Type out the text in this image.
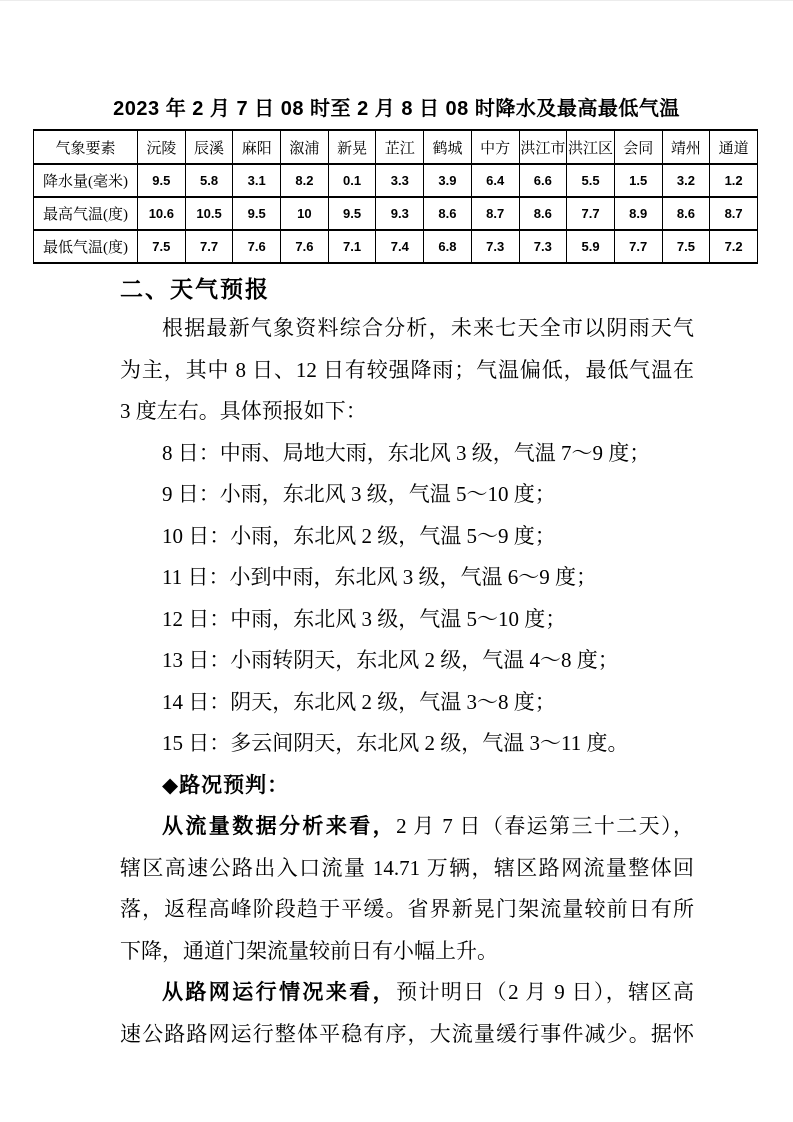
2023 年 2 月 7 日 08 时至 2 月 8 日 08 时降水及最高最低气温
气象要素	沅陵	辰溪	麻阳	溆浦	新晃	芷江	鹤城	中方	洪江市	洪江区	会同	靖州	通道
降水量(毫米)	9.5	5.8	3.1	8.2	0.1	3.3	3.9	6.4	6.6	5.5	1.5	3.2	1.2
最高气温(度)	10.6	10.5	9.5	10	9.5	9.3	8.6	8.7	8.6	7.7	8.9	8.6	8.7
最低气温(度)	7.5	7.7	7.6	7.6	7.1	7.4	6.8	7.3	7.3	5.9	7.7	7.5	7.2
二、天气预报
根据最新气象资料综合分析，未来七天全市以阴雨天气
为主，其中 8 日、12 日有较强降雨；气温偏低，最低气温在
3 度左右。具体预报如下：
8 日：中雨、局地大雨，东北风 3 级，气温 7～9 度；
9 日：小雨，东北风 3 级，气温 5～10 度；
10 日：小雨，东北风 2 级，气温 5～9 度；
11 日：小到中雨，东北风 3 级，气温 6～9 度；
12 日：中雨，东北风 3 级，气温 5～10 度；
13 日：小雨转阴天，东北风 2 级，气温 4～8 度；
14 日：阴天，东北风 2 级，气温 3～8 度；
15 日：多云间阴天，东北风 2 级，气温 3～11 度。
◆路况预判：
从流量数据分析来看，2 月 7 日（春运第三十二天），
辖区高速公路出入口流量 14.71 万辆，辖区路网流量整体回
落，返程高峰阶段趋于平缓。省界新晃门架流量较前日有所
下降，通道门架流量较前日有小幅上升。
从路网运行情况来看，预计明日（2 月 9 日），辖区高
速公路路网运行整体平稳有序，大流量缓行事件减少。据怀
